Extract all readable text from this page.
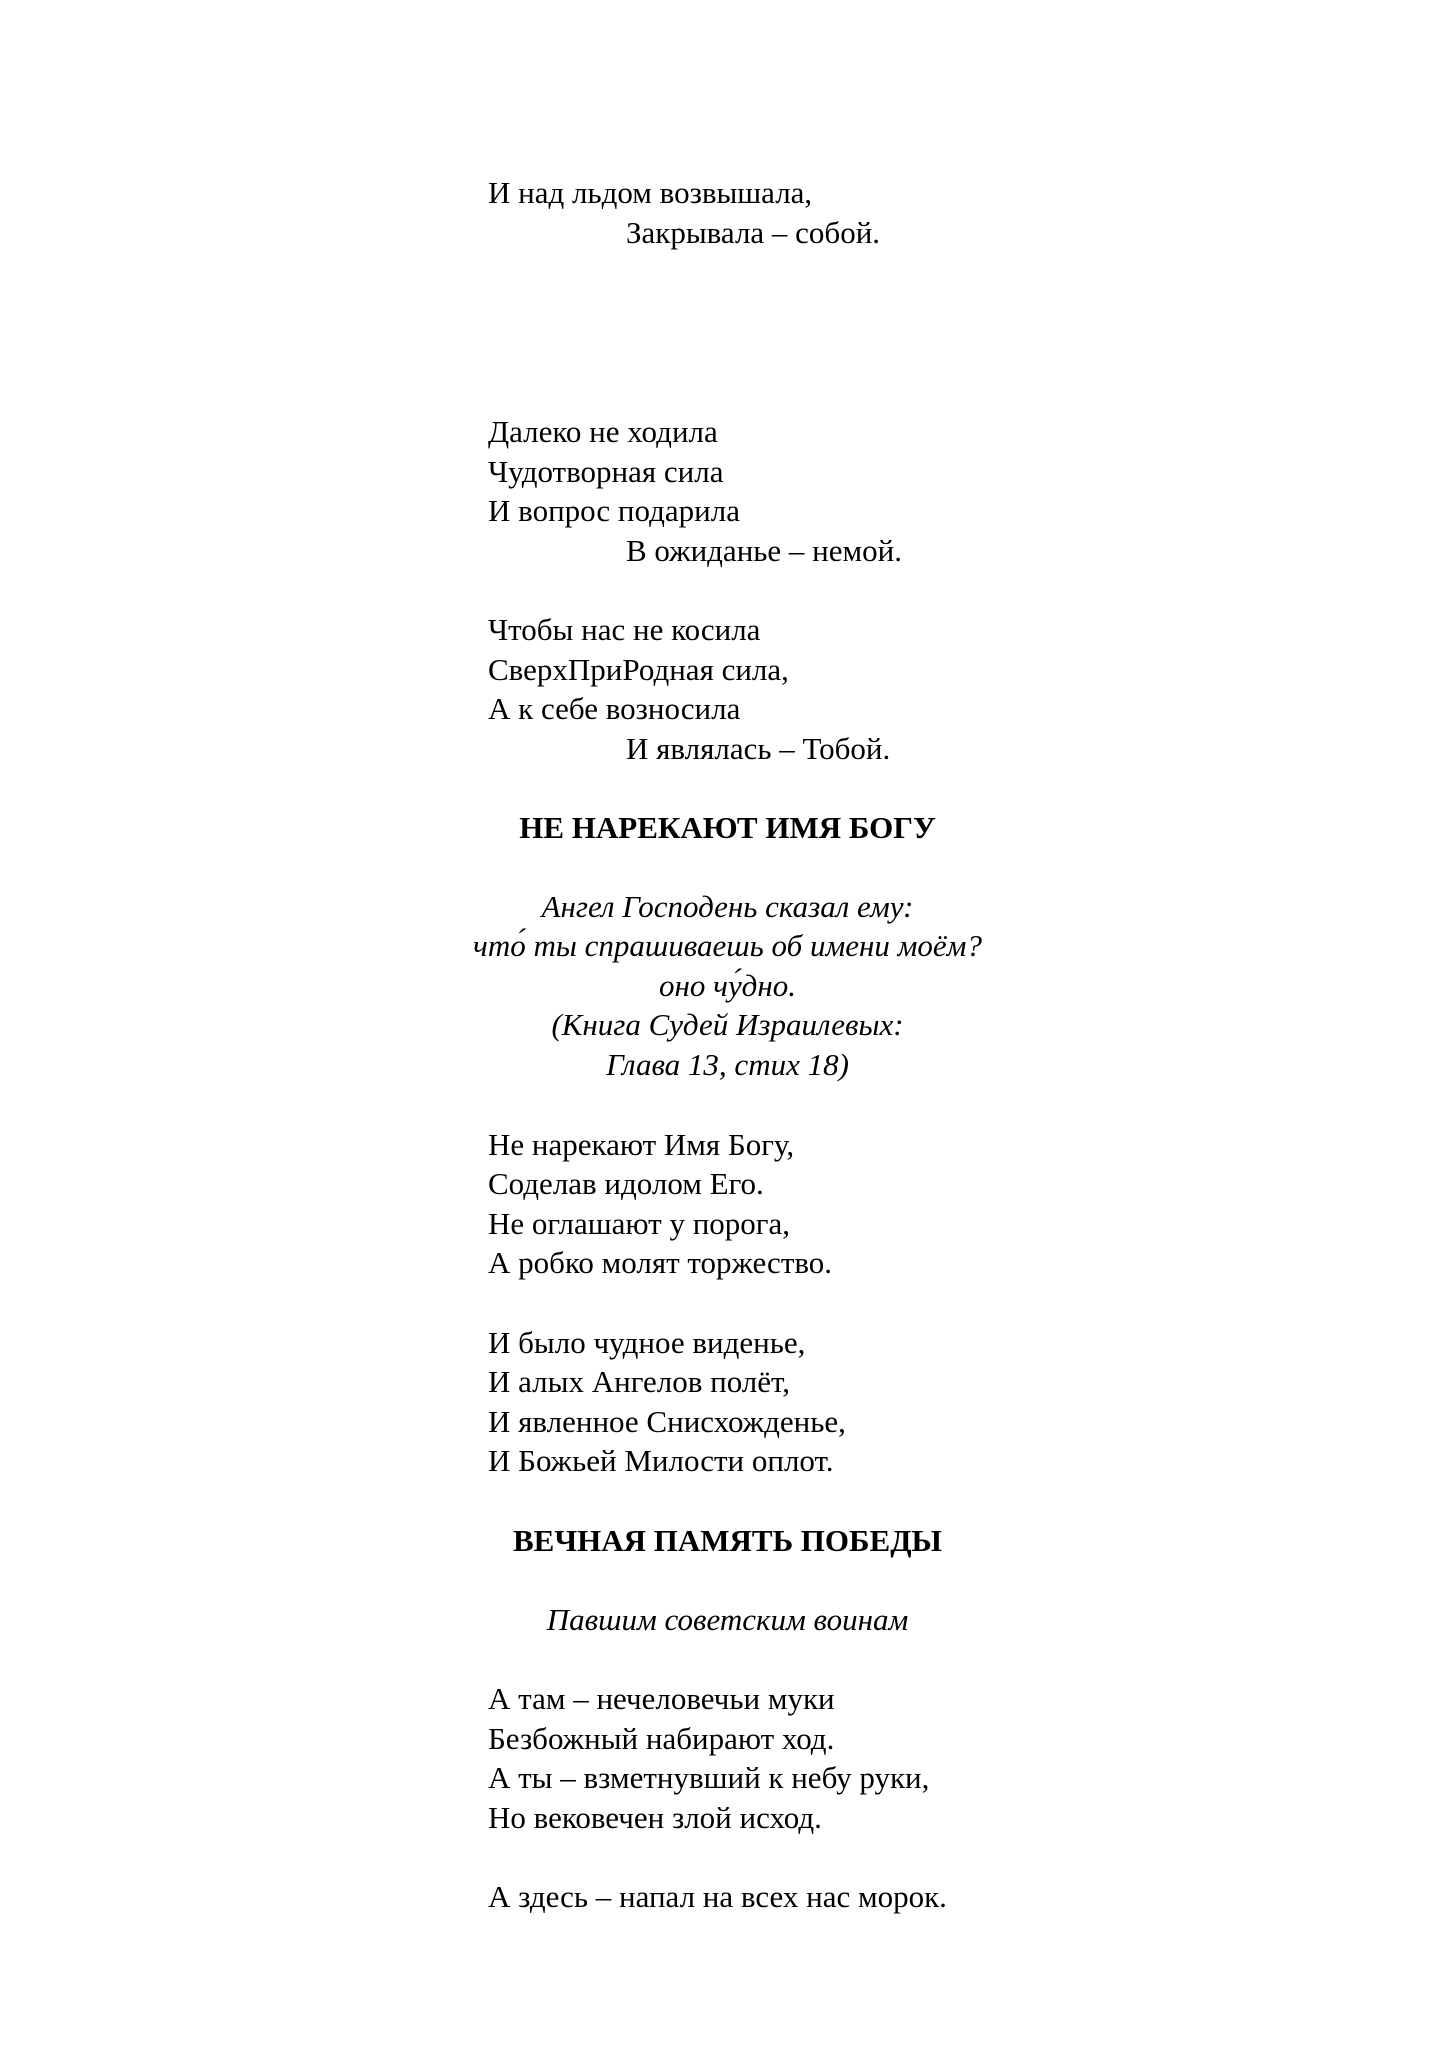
И над льдом возвышала,
Закрывала – собой.
Далеко не ходила
Чудотворная сила
И вопрос подарила
В ожиданье – немой.
Чтобы нас не косила
СверхПриРодная сила,
А к себе возносила
И являлась – Тобой.
НЕ НАРЕКАЮТ ИМЯ БОГУ
Ангел Господень сказал ему:
что́ ты спрашиваешь об имени моём?
оно чу́дно.
(Книга Судей Израилевых:
Глава 13, стих 18)
Не нарекают Имя Богу,
Соделав идолом Его.
Не оглашают у порога,
А робко молят торжество.
И было чудное виденье,
И алых Ангелов полёт,
И явленное Снисхожденье,
И Божьей Милости оплот.
ВЕЧНАЯ ПАМЯТЬ ПОБЕДЫ
Павшим советским воинам
А там – нечеловечьи муки
Безбожный набирают ход.
А ты – взметнувший к небу руки,
Но вековечен злой исход.
А здесь – напал на всех нас морок.
